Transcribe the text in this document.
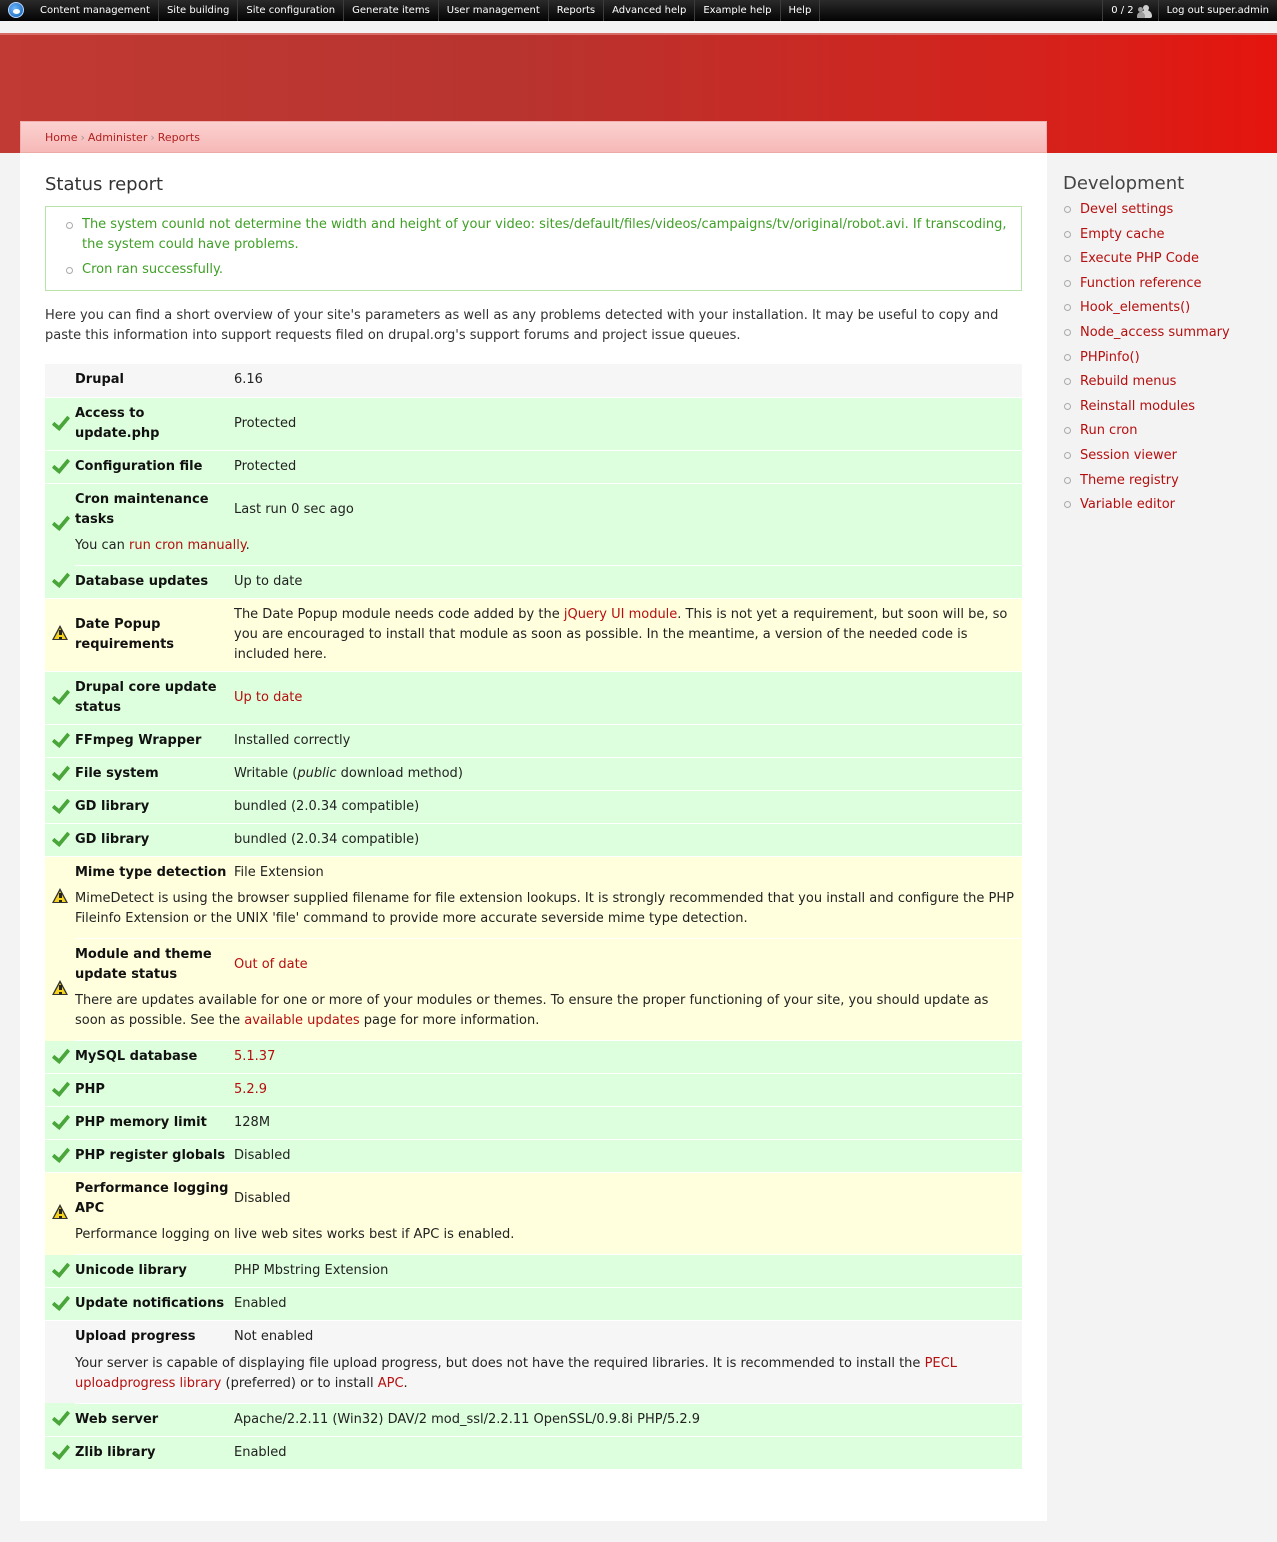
Content management	Site building	Site configuration	Generate items	User management	Reports	Advanced help	Example help	Help	0 / 2	Log out super.admin
Home › Administer › Reports
Status report
The system counld not determine the width and height of your video: sites/default/files/videos/campaigns/tv/original/robot.avi. If transcoding, the system could have problems.
Cron ran successfully.

Here you can find a short overview of your site's parameters as well as any problems detected with your installation. It may be useful to copy and paste this information into support requests filed on drupal.org's support forums and project issue queues.

	Drupal	6.16
	Access to update.php	Protected
	Configuration file	Protected
	Cron maintenance tasks	Last run 0 sec ago
	You can run cron manually.	
	Database updates	Up to date

	Date Popup requirements	The Date Popup module needs code added by the jQuery UI module. This is not yet a requirement, but soon will be, so you are encouraged to install that module as soon as possible. In the meantime, a version of the needed code is included here.
	Drupal core update status	Up to date
	FFmpeg Wrapper	Installed correctly
	File system	Writable (public download method)
	GD library	bundled (2.0.34 compatible)
	GD library	bundled (2.0.34 compatible)

	Mime type detection	File Extension
	MimeDetect is using the browser supplied filename for file extension lookups. It is strongly recommended that you install and configure the PHP Fileinfo Extension or the UNIX 'file' command to provide more accurate severside mime type detection.	

	Module and theme update status	Out of date
	There are updates available for one or more of your modules or themes. To ensure the proper functioning of your site, you should update as soon as possible. See the available updates page for more information.	
	MySQL database	5.1.37
	PHP	5.2.9
	PHP memory limit	128M
	PHP register globals	Disabled

	Performance logging APC	Disabled
	Performance logging on live web sites works best if APC is enabled.	
	Unicode library	PHP Mbstring Extension
	Update notifications	Enabled
	Upload progress	Not enabled
	Your server is capable of displaying file upload progress, but does not have the required libraries. It is recommended to install the PECL uploadprogress library (preferred) or to install APC.	
	Web server	Apache/2.2.11 (Win32) DAV/2 mod_ssl/2.2.11 OpenSSL/0.9.8i PHP/5.2.9
	Zlib library	Enabled
Development
Devel settings
Empty cache
Execute PHP Code
Function reference
Hook_elements()
Node_access summary
PHPinfo()
Rebuild menus
Reinstall modules
Run cron
Session viewer
Theme registry
Variable editor
